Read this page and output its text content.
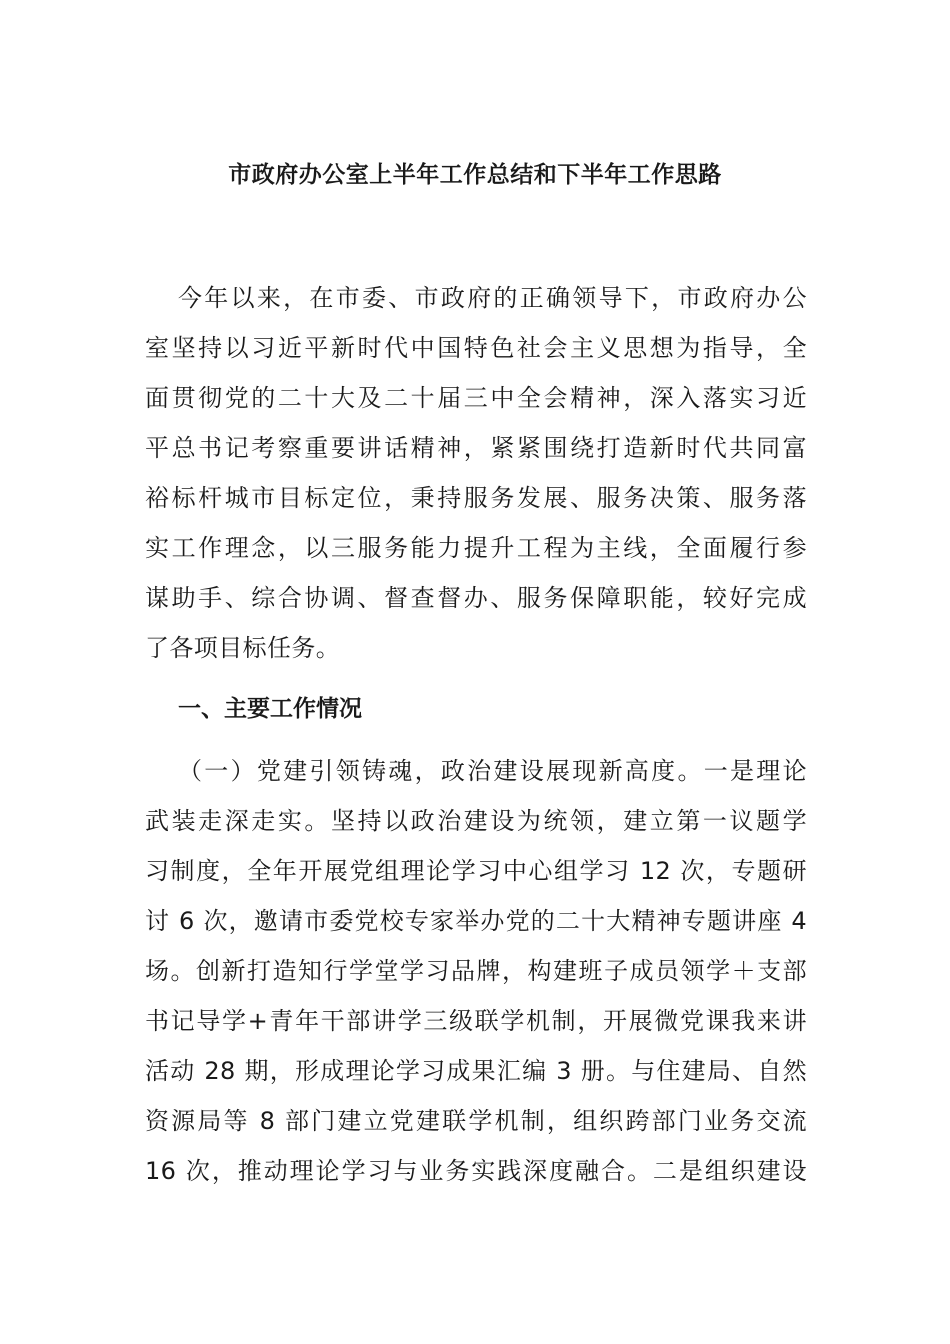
市政府办公室上半年工作总结和下半年工作思路
今年以来，在市委、市政府的正确领导下，市政府办公
室坚持以习近平新时代中国特色社会主义思想为指导，全
面贯彻党的二十大及二十届三中全会精神，深入落实习近
平总书记考察重要讲话精神，紧紧围绕打造新时代共同富
裕标杆城市目标定位，秉持服务发展、服务决策、服务落
实工作理念，以三服务能力提升工程为主线，全面履行参
谋助手、综合协调、督查督办、服务保障职能，较好完成
了各项目标任务。
一、主要工作情况
（一）党建引领铸魂，政治建设展现新高度。一是理论
武装走深走实。坚持以政治建设为统领，建立第一议题学
习制度，全年开展党组理论学习中心组学习 12 次，专题研
讨 6 次，邀请市委党校专家举办党的二十大精神专题讲座 4
场。创新打造知行学堂学习品牌，构建班子成员领学＋支部
书记导学+青年干部讲学三级联学机制，开展微党课我来讲
活动 28 期，形成理论学习成果汇编 3 册。与住建局、自然
资源局等 8 部门建立党建联学机制，组织跨部门业务交流
16 次，推动理论学习与业务实践深度融合。二是组织建设
